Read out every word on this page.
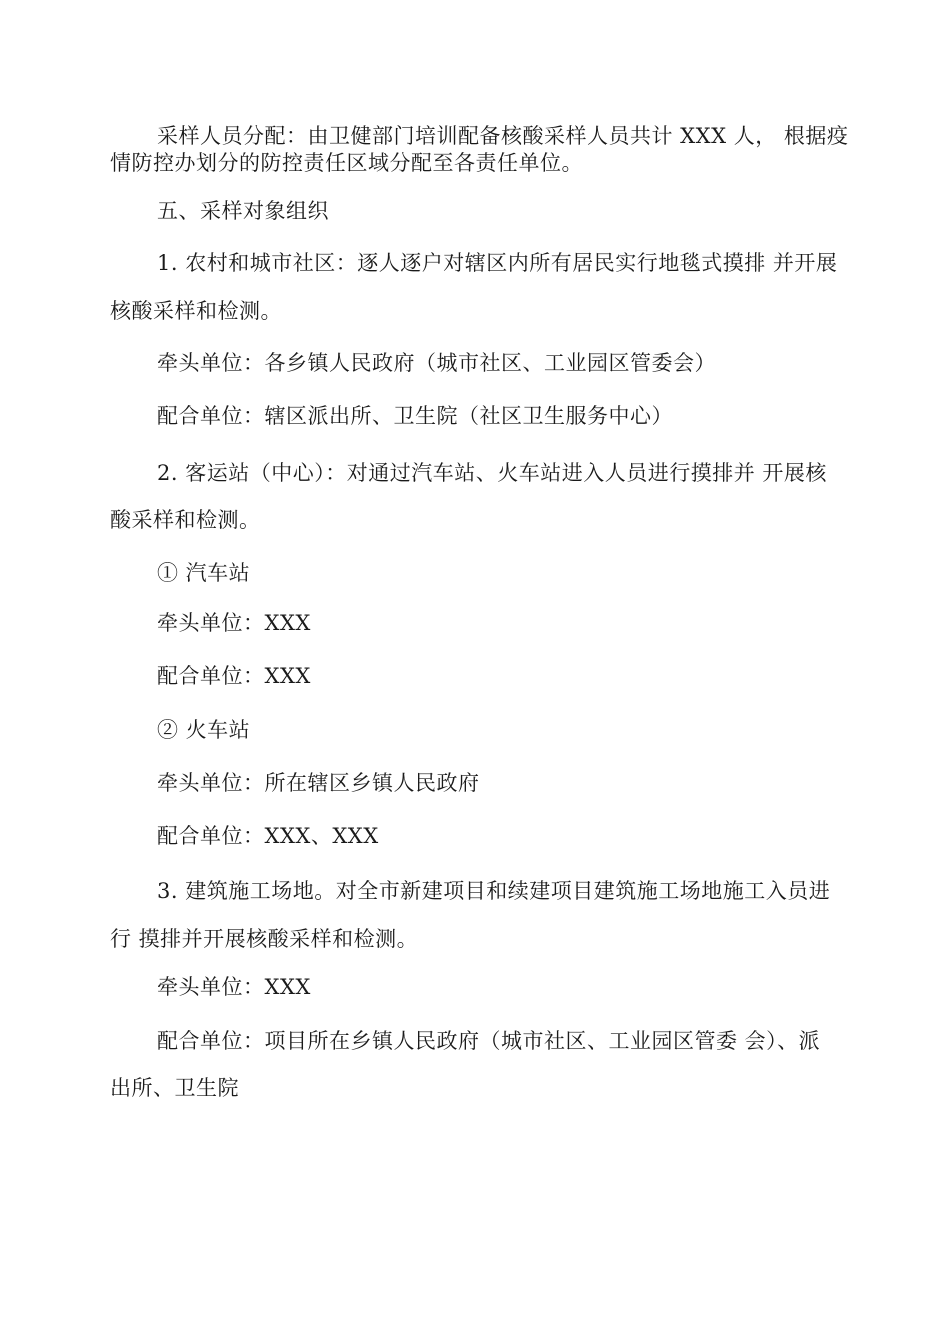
采样人员分配：由卫健部门培训配备核酸采样人员共计 XXX 人， 根据疫
情防控办划分的防控责任区域分配至各责任单位。
五、采样对象组织
1. 农村和城市社区：逐人逐户对辖区内所有居民实行地毯式摸排 并开展
核酸采样和检测。
牵头单位：各乡镇人民政府（城市社区、工业园区管委会）
配合单位：辖区派出所、卫生院（社区卫生服务中心）
2. 客运站（中心）：对通过汽车站、火车站进入人员进行摸排并 开展核
酸采样和检测。
① 汽车站
牵头单位：XXX
配合单位：XXX
② 火车站
牵头单位：所在辖区乡镇人民政府
配合单位：XXX、XXX
3. 建筑施工场地。对全市新建项目和续建项目建筑施工场地施工入员进
行 摸排并开展核酸采样和检测。
牵头单位：XXX
配合单位：项目所在乡镇人民政府（城市社区、工业园区管委 会）、派
出所、卫生院
